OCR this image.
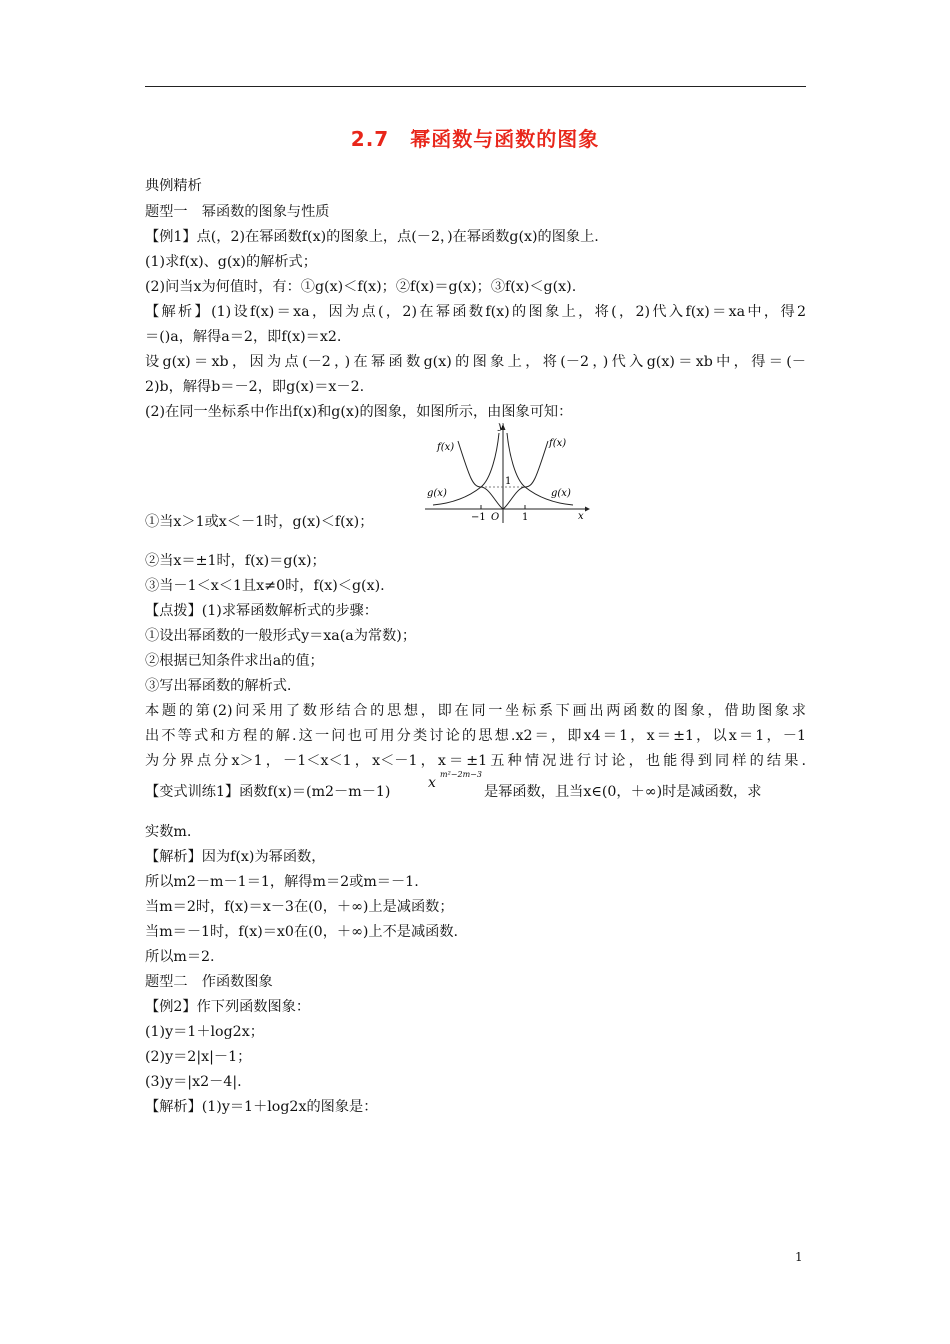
2.7　幂函数与函数的图象
典例精析
题型一　幂函数的图象与性质
【例1】点(，2)在幂函数f(x)的图象上，点(－2，)在幂函数g(x)的图象上.
(1)求f(x)、g(x)的解析式；
(2)问当x为何值时，有：①g(x)＜f(x)；②f(x)＝g(x)；③f(x)＜g(x).
【解析】(1)设f(x)＝xa，因为点(，2)在幂函数f(x)的图象上，将(，2)代入f(x)＝xa中，得2
＝()a，解得a＝2，即f(x)＝x2.
设g(x)＝xb，因为点(－2，)在幂函数g(x)的图象上，将(－2，)代入g(x)＝xb中，得＝(－
2)b，解得b＝－2，即g(x)＝x－2.
(2)在同一坐标系中作出f(x)和g(x)的图象，如图所示，由图象可知：
f(x)	f(x)
g(x)	g(x)
y
x
1
−1 O 1
①当x＞1或x＜－1时，g(x)＜f(x)；
②当x＝±1时，f(x)＝g(x)；
③当－1＜x＜1且x≠0时，f(x)＜g(x).
【点拨】(1)求幂函数解析式的步骤：
①设出幂函数的一般形式y＝xa(a为常数)；
②根据已知条件求出a的值；
③写出幂函数的解析式.
本题的第(2)问采用了数形结合的思想，即在同一坐标系下画出两函数的图象，借助图象求
出不等式和方程的解.这一问也可用分类讨论的思想.x2＝，即x4＝1，x＝±1，以x＝1，－1
为分界点分x＞1，－1＜x＜1，x＜－1，x＝±1五种情况进行讨论，也能得到同样的结果.
【变式训练1】函数f(x)＝(m2－m－1)
x
m²−2m−3
是幂函数，且当x∈(0，＋∞)时是减函数，求
实数m.
【解析】因为f(x)为幂函数，
所以m2－m－1＝1，解得m＝2或m＝－1.
当m＝2时，f(x)＝x－3在(0，＋∞)上是减函数；
当m＝－1时，f(x)＝x0在(0，＋∞)上不是减函数.
所以m＝2.
题型二　作函数图象
【例2】作下列函数图象：
(1)y＝1＋log2x；
(2)y＝2|x|－1；
(3)y＝|x2－4|.
【解析】(1)y＝1＋log2x的图象是：
1
